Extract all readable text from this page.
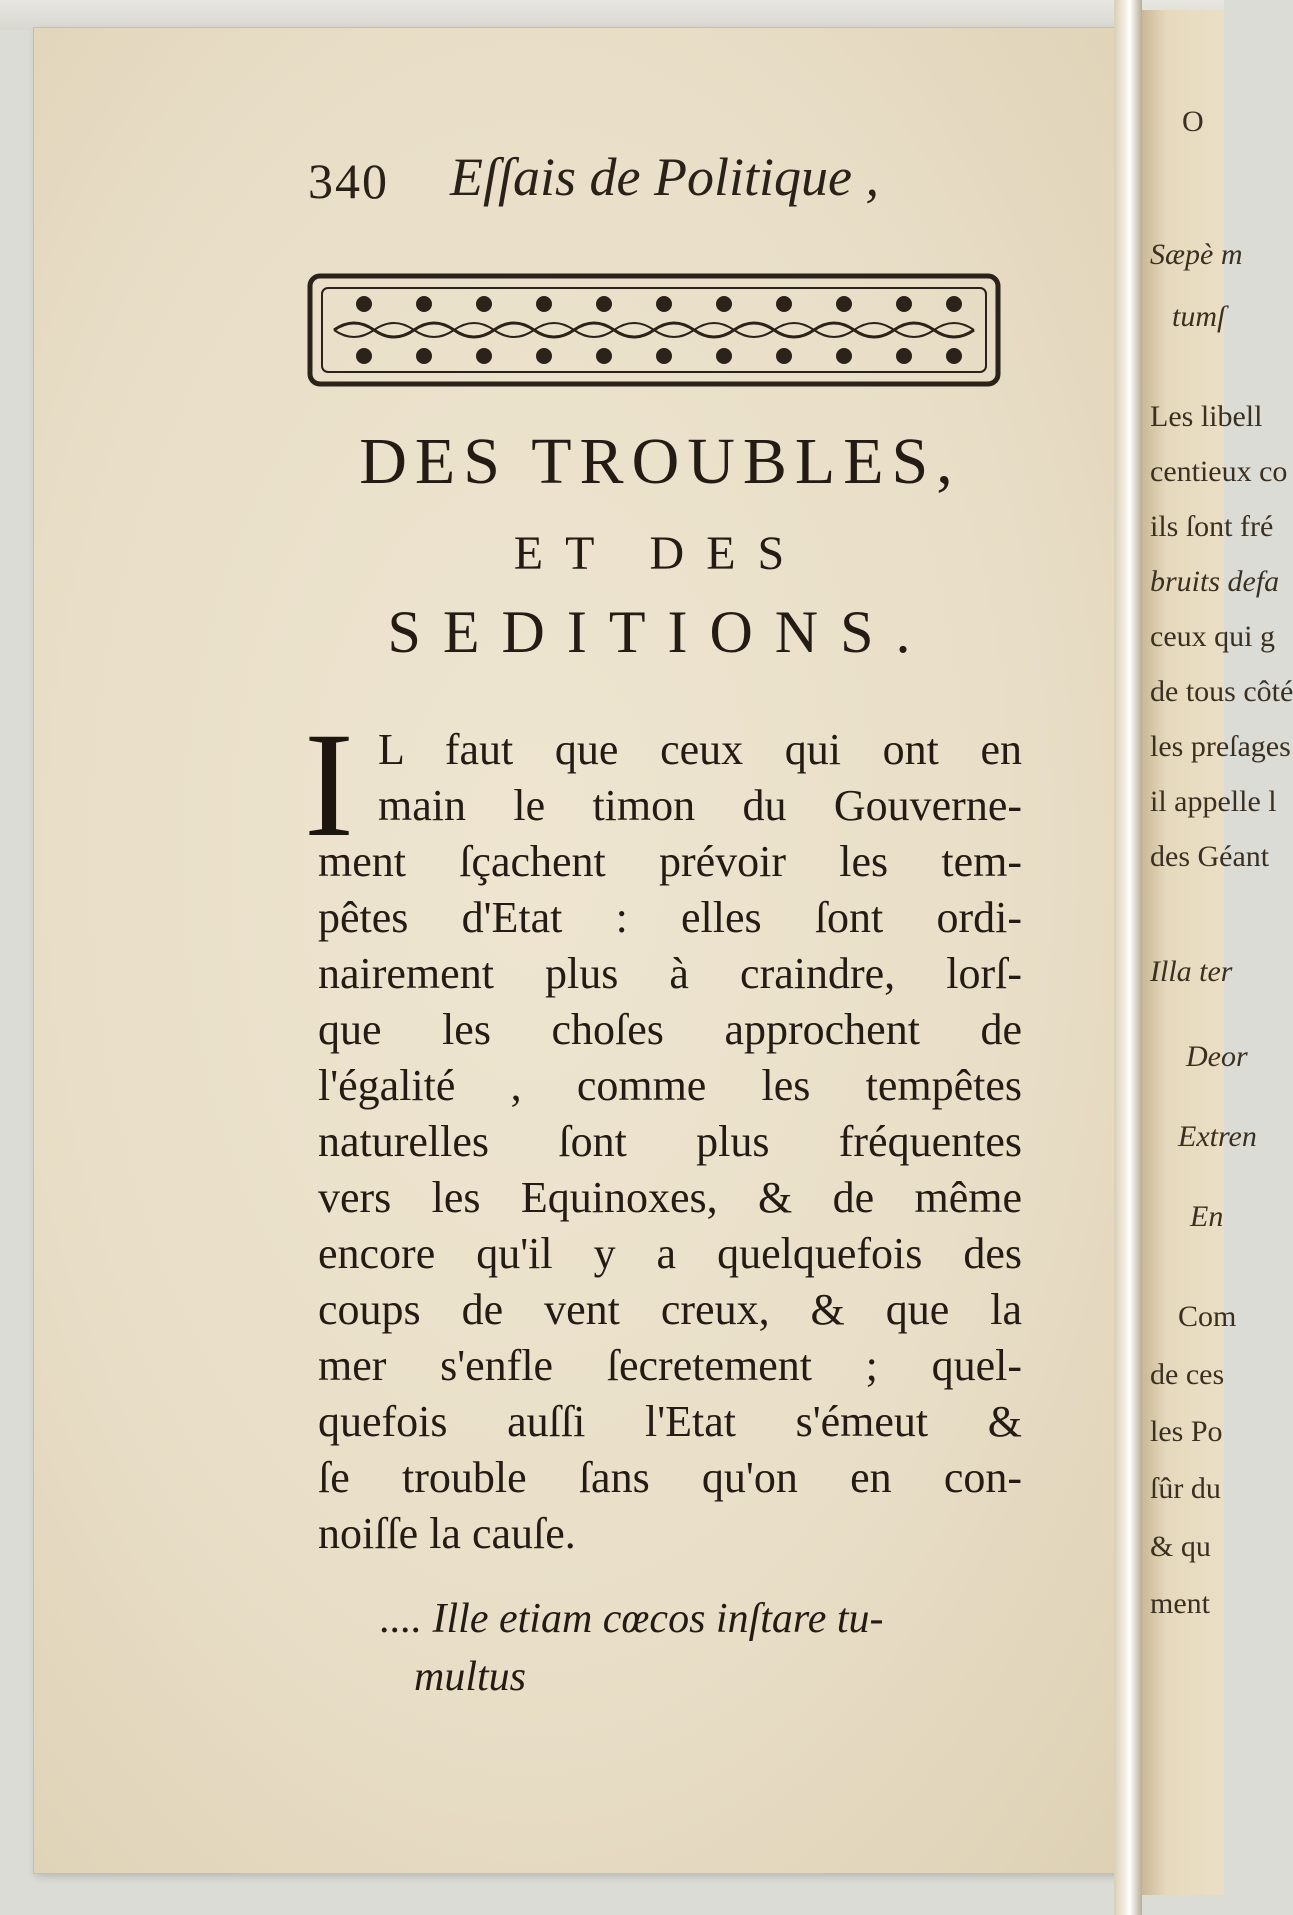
O
Sæpè m
tumſ
Les libell
centieux co
ils ſont fré
bruits defa
ceux qui g
de tous côté
les preſages
il appelle l
des Géant
Illa ter
Deor
Extren
En
Com
de ces
les Po
ſûr du
& qu
ment
340 Eſſais de Politique ,
DES TROUBLES,
ET DES
SEDITIONS.
I L faut que ceux qui ont en
main le timon du Gouverne-
ment ſçachent prévoir les tem-
pêtes d'Etat : elles ſont ordi-
nairement plus à craindre, lorſ-
que les choſes approchent de
l'égalité , comme les tempêtes
naturelles ſont plus fréquentes
vers les Equinoxes, & de même
encore qu'il y a quelquefois des
coups de vent creux, & que la
mer s'enfle ſecretement ; quel-
quefois auſſi l'Etat s'émeut &
ſe trouble ſans qu'on en con-
noiſſe la cauſe.
.... Ille etiam cœcos inſtare tu-
multus
